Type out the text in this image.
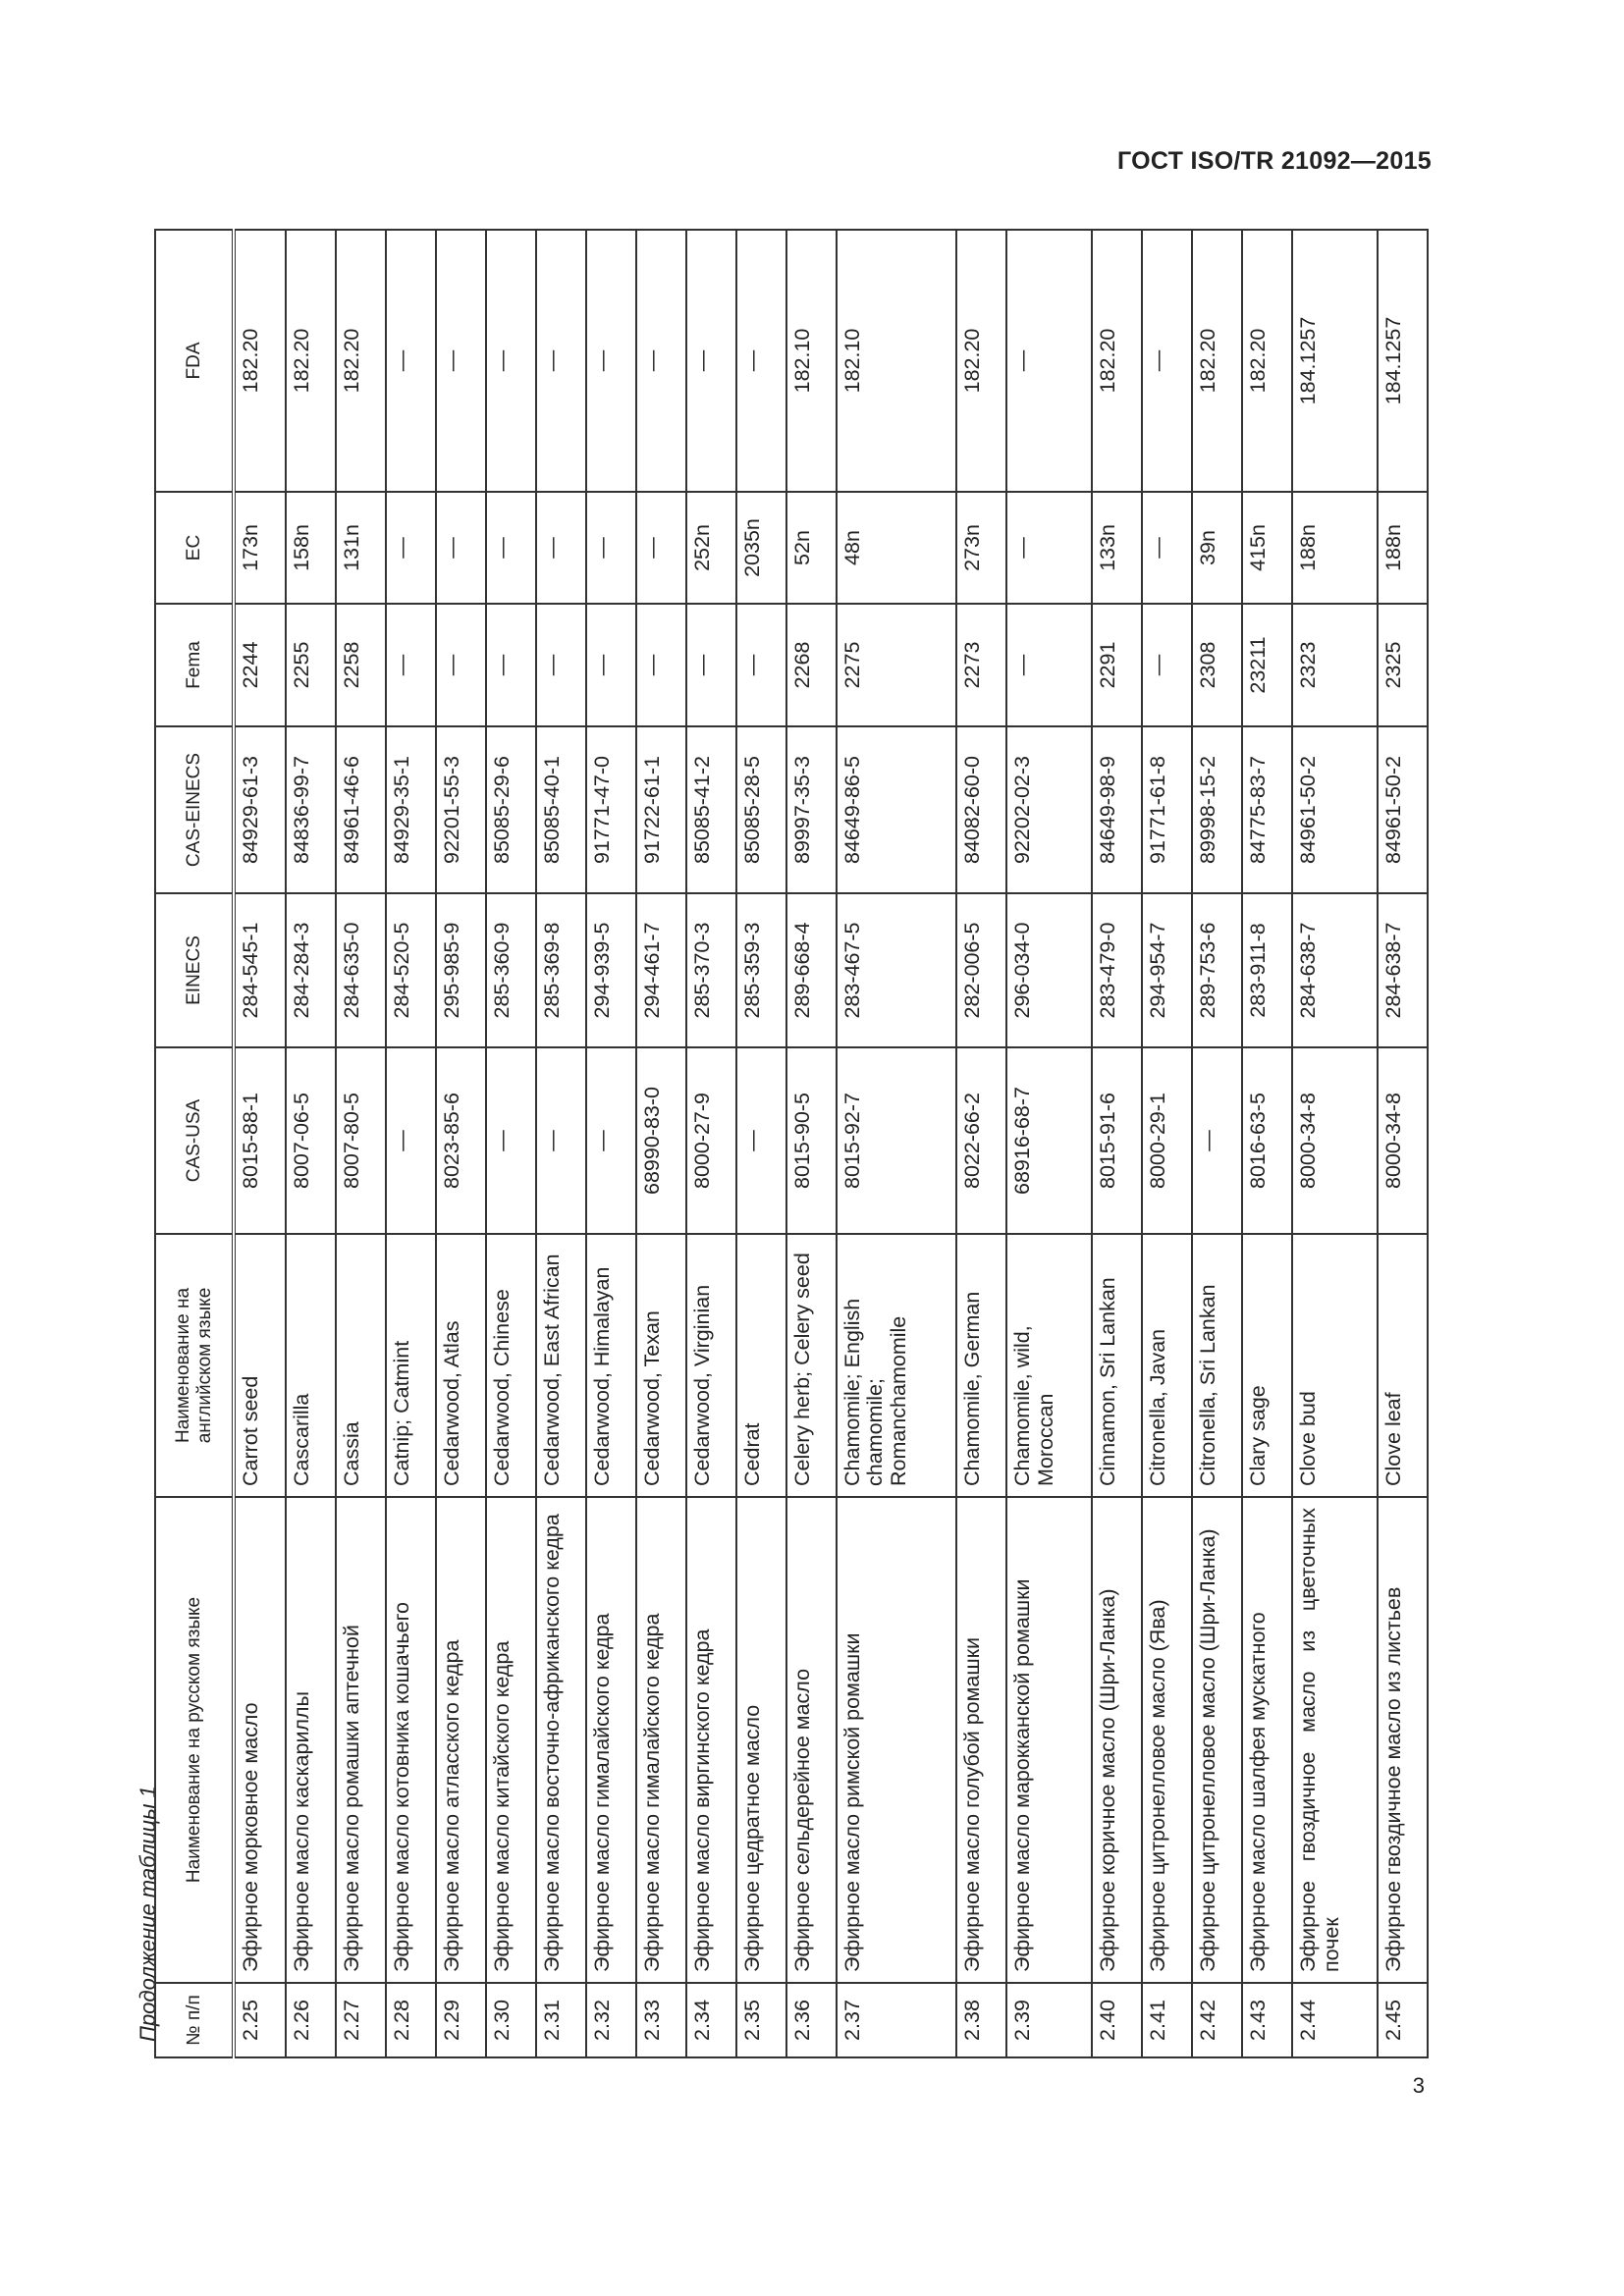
ГОСТ ISO/TR 21092—2015
Продолжение таблицы 1 № п/п	Наименование на русском языке	Наименование на английском языке	CAS-USA	EINECS	CAS-EINECS	Fema	EC	FDA
2.25	Эфирное морковное масло	Carrot seed	8015-88-1	284-545-1	84929-61-3	2244	173n	182.20
2.26	Эфирное масло каскариллы	Cascarilla	8007-06-5	284-284-3	84836-99-7	2255	158n	182.20
2.27	Эфирное масло ромашки аптечной	Cassia	8007-80-5	284-635-0	84961-46-6	2258	131n	182.20
2.28	Эфирное масло котовника кошачьего	Catnip; Catmint	—	284-520-5	84929-35-1	—	—	—
2.29	Эфирное масло атласского кедра	Cedarwood, Atlas	8023-85-6	295-985-9	92201-55-3	—	—	—
2.30	Эфирное масло китайского кедра	Cedarwood, Chinese	—	285-360-9	85085-29-6	—	—	—
2.31	Эфирное масло восточно-африканского кедра	Cedarwood, East African	—	285-369-8	85085-40-1	—	—	—
2.32	Эфирное масло гималайского кедра	Cedarwood, Himalayan	—	294-939-5	91771-47-0	—	—	—
2.33	Эфирное масло гималайского кедра	Cedarwood, Texan	68990-83-0	294-461-7	91722-61-1	—	—	—
2.34	Эфирное масло виргинского кедра	Cedarwood, Virginian	8000-27-9	285-370-3	85085-41-2	—	252n	—
2.35	Эфирное цедратное масло	Cedrat	—	285-359-3	85085-28-5	—	2035n	—
2.36	Эфирное сельдерейное масло	Celery herb; Celery seed	8015-90-5	289-668-4	89997-35-3	2268	52n	182.10
2.37	Эфирное масло римской ромашки	Chamomile; English chamomile; Romanchamomile	8015-92-7	283-467-5	84649-86-5	2275	48n	182.10
2.38	Эфирное масло голубой ромашки	Chamomile, German	8022-66-2	282-006-5	84082-60-0	2273	273n	182.20
2.39	Эфирное масло марокканской ромашки	Chamomile, wild, Moroccan	68916-68-7	296-034-0	92202-02-3	—	—	—
2.40	Эфирное коричное масло (Шри-Ланка)	Cinnamon, Sri Lankan	8015-91-6	283-479-0	84649-98-9	2291	133n	182.20
2.41	Эфирное цитронелловое масло (Ява)	Citronella, Javan	8000-29-1	294-954-7	91771-61-8	—	—	—
2.42	Эфирное цитронелловое масло (Шри-Ланка)	Citronella, Sri Lankan	—	289-753-6	89998-15-2	2308	39n	182.20
2.43	Эфирное масло шалфея мускатного	Clary sage	8016-63-5	283-911-8	84775-83-7	23211	415n	182.20
2.44	Эфирное гвоздичное масло из цветочных почек	Clove bud	8000-34-8	284-638-7	84961-50-2	2323	188n	184.1257
2.45	Эфирное гвоздичное масло из листьев	Clove leaf	8000-34-8	284-638-7	84961-50-2	2325	188n	184.1257
3
